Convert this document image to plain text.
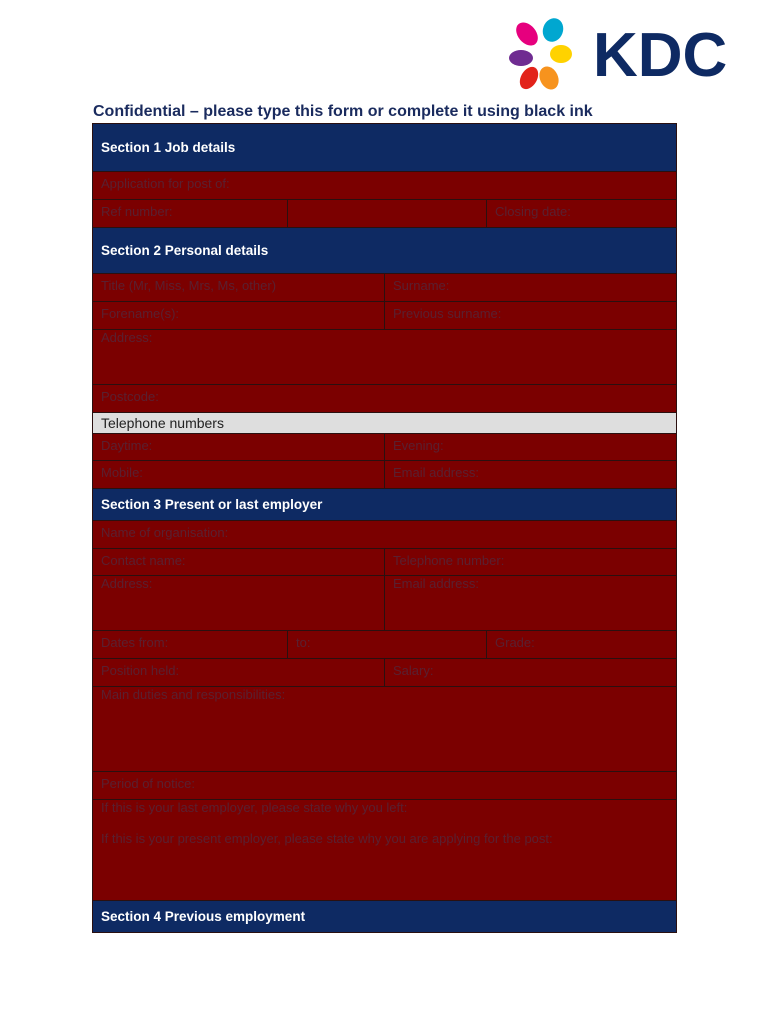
KDC
Confidential – please type this form or complete it using black ink
Section 1 Job details
Application for post of:
Ref number:	Closing date:
Section 2 Personal details
Title (Mr, Miss, Mrs, Ms, other)	Surname:
Forename(s):	Previous surname:
Address:
Postcode:
Telephone numbers
Daytime:	Evening:
Mobile:	Email address:
Section 3 Present or last employer
Name of organisation:
Contact name:	Telephone number:
Address:	Email address:
Dates from:	to:	Grade:
Position held:	Salary:
Main duties and responsibilities:
Period of notice:
If this is your last employer, please state why you left:
If this is your present employer, please state why you are applying for the post:
Section 4 Previous employment
